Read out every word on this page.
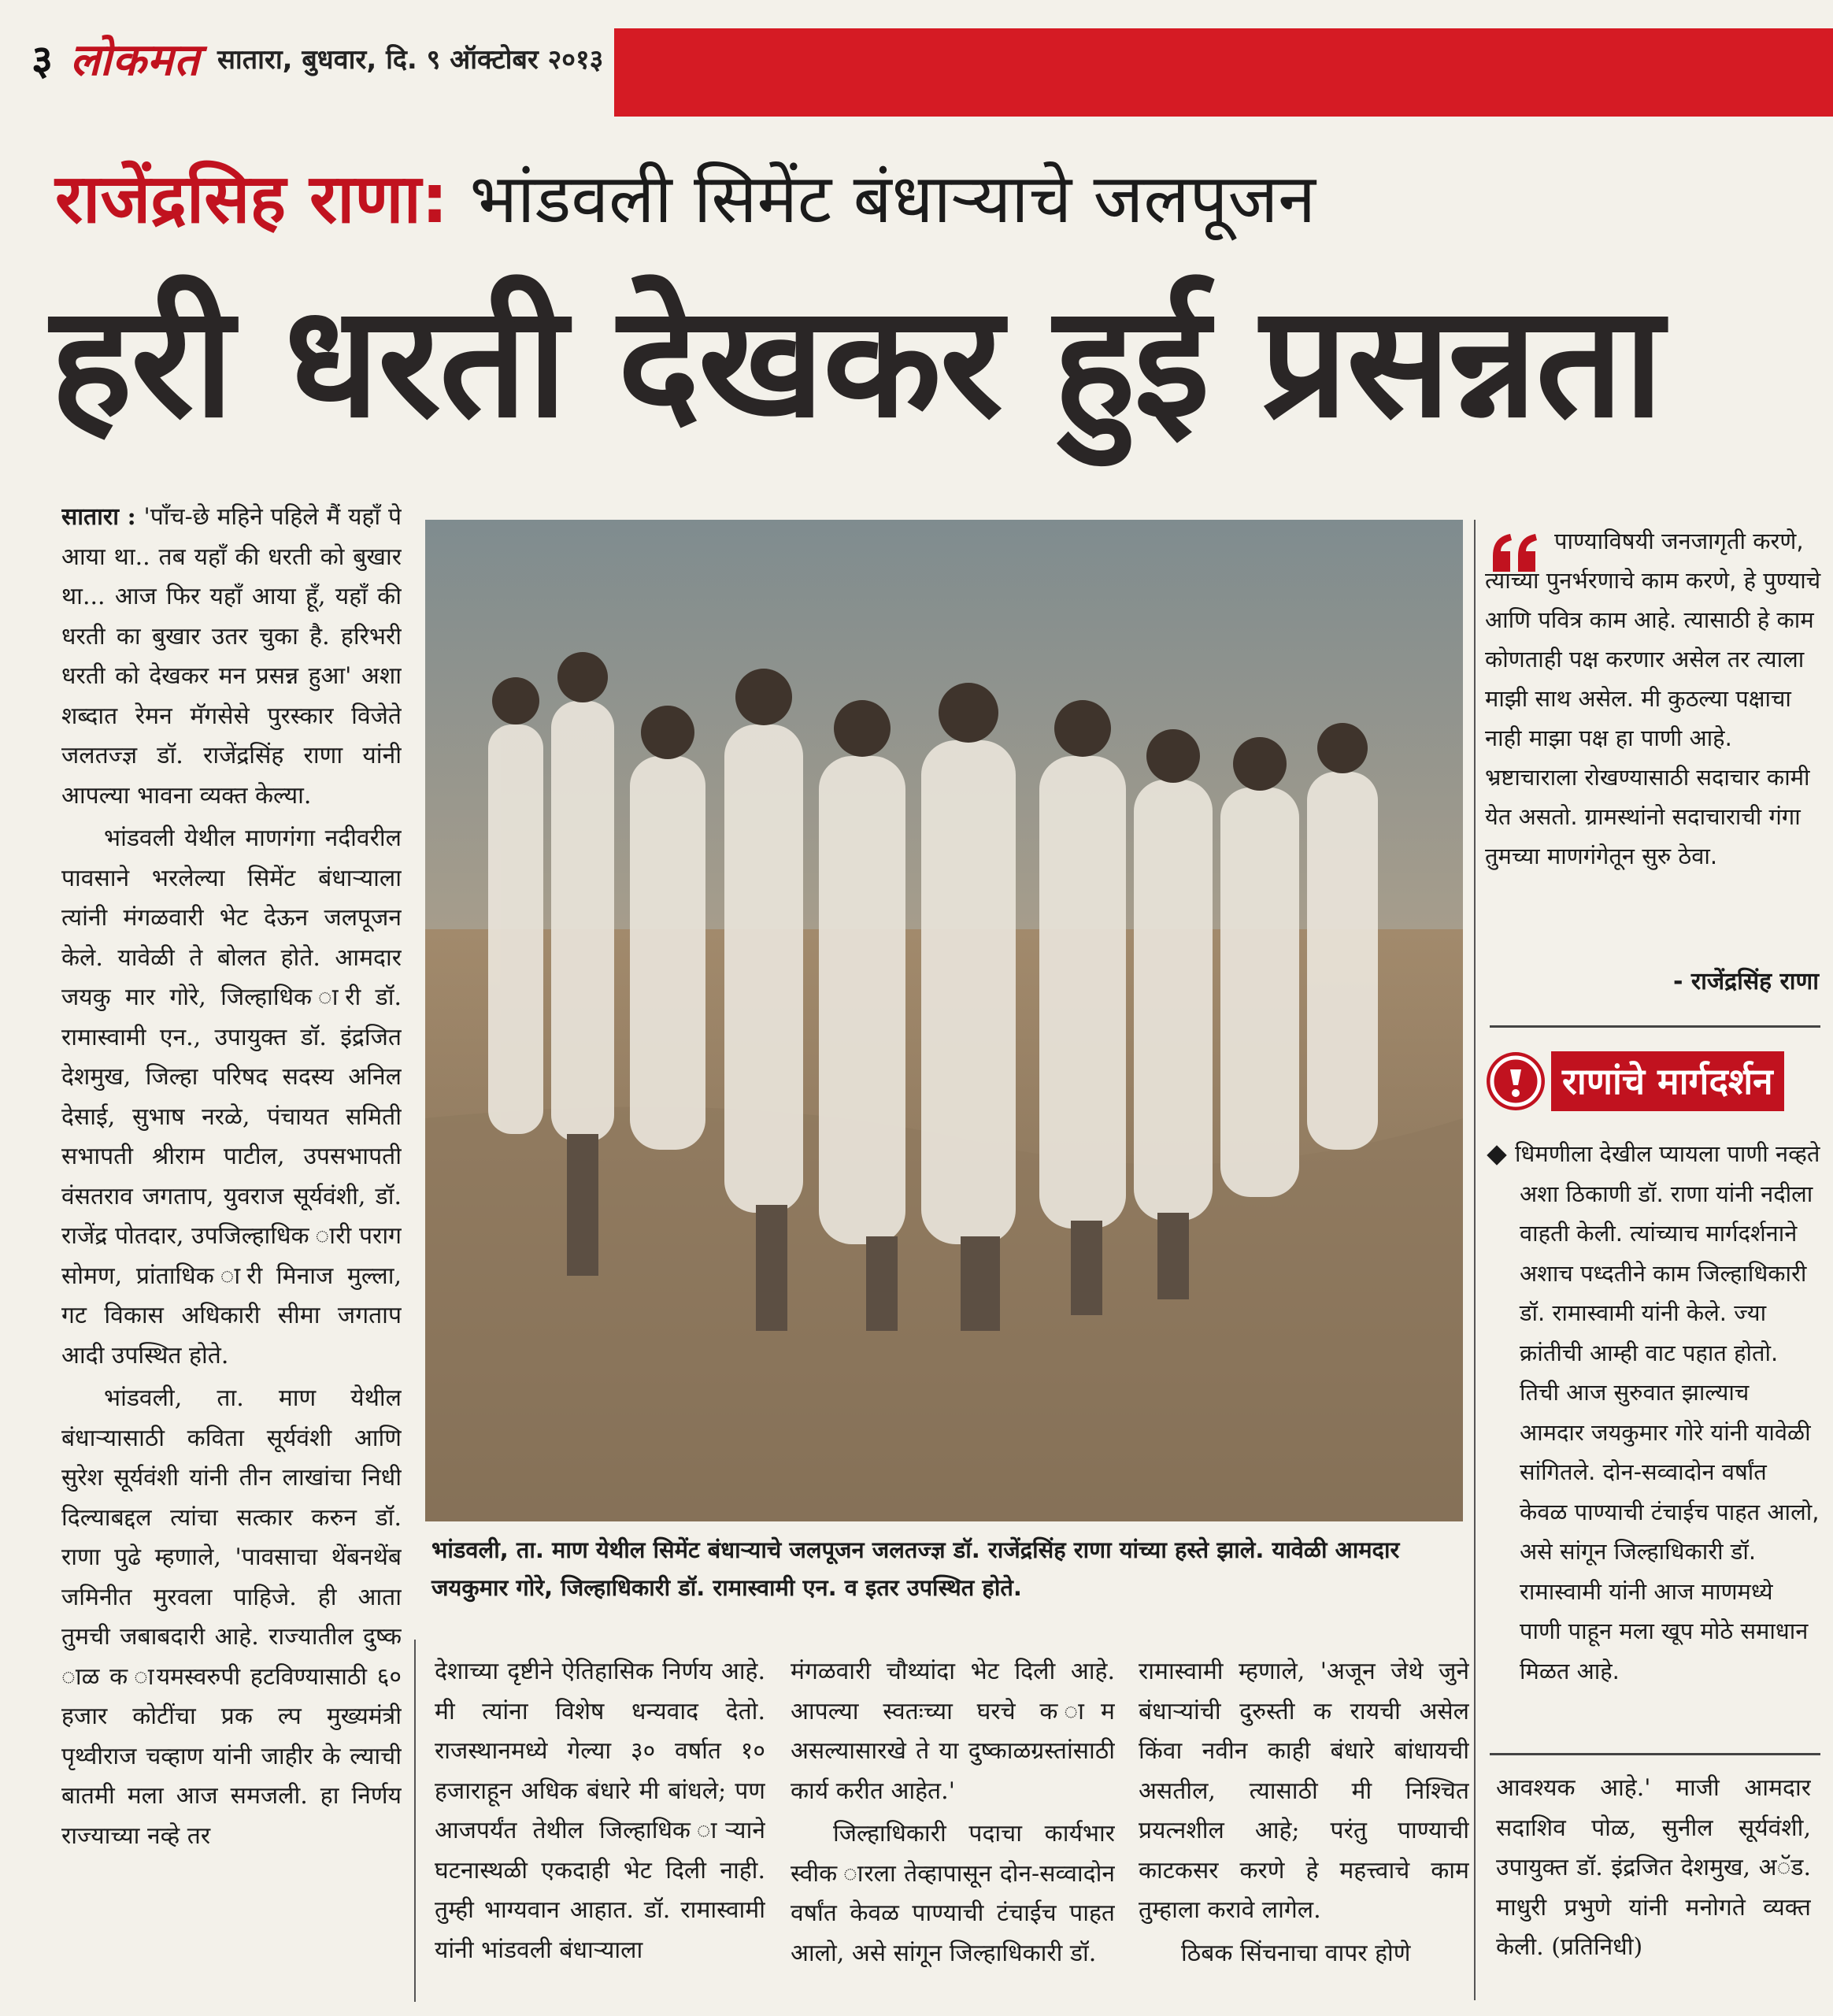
३ लोकमत सातारा, बुधवार, दि. ९ ऑक्टोबर २०१३
राजेंद्रसिह राणा: भांडवली सिमेंट बंधाऱ्याचे जलपूजन
हरी धरती देखकर हुई प्रसन्नता

सातारा : 'पाँच-छे महिने पहिले मैं यहाँ पे आया था.. तब यहाँ की धरती को बुखार था... आज फिर यहाँ आया हूँ, यहाँ की धरती का बुखार उतर चुका है. हरिभरी धरती को देखकर मन प्रसन्न हुआ' अशा शब्दात रेमन मॅगसेसे पुरस्कार विजेते जलतज्ज्ञ डॉ. राजेंद्रसिंह राणा यांनी आपल्या भावना व्यक्त केल्या.

भांडवली येथील माणगंगा नदीवरील पावसाने भरलेल्या सिमेंट बंधाऱ्याला त्यांनी मंगळवारी भेट देऊन जलपूजन केले. यावेळी ते बोलत होते. आमदार जयकु मार गोरे, जिल्हाधिक ारी डॉ. रामास्वामी एन., उपायुक्त डॉ. इंद्रजित देशमुख, जिल्हा परिषद सदस्य अनिल देसाई, सुभाष नरळे, पंचायत समिती सभापती श्रीराम पाटील, उपसभापती वंसतराव जगताप, युवराज सूर्यवंशी, डॉ. राजेंद्र पोतदार, उपजिल्हाधिक ारी पराग सोमण, प्रांताधिक ारी मिनाज मुल्ला, गट विकास अधिकारी सीमा जगताप आदी उपस्थित होते.

भांडवली, ता. माण येथील बंधाऱ्यासाठी कविता सूर्यवंशी आणि सुरेश सूर्यवंशी यांनी तीन लाखांचा निधी दिल्याबद्दल त्यांचा सत्कार करुन डॉ. राणा पुढे म्हणाले, 'पावसाचा थेंबनथेंब जमिनीत मुरवला पाहिजे. ही आता तुमची जबाबदारी आहे. राज्यातील दुष्क ाळ क ायमस्वरुपी हटविण्यासाठी ६० हजार कोटींचा प्रक ल्प मुख्यमंत्री पृथ्वीराज चव्हाण यांनी जाहीर के ल्याची बातमी मला आज समजली. हा निर्णय राज्याच्या नव्हे तर

भांडवली, ता. माण येथील सिमेंट बंधाऱ्याचे जलपूजन जलतज्ज्ञ डॉ. राजेंद्रसिंह राणा यांच्या हस्ते झाले. यावेळी आमदार जयकुमार गोरे, जिल्हाधिकारी डॉ. रामास्वामी एन. व इतर उपस्थित होते.
देशाच्या दृष्टीने ऐतिहासिक निर्णय आहे. मी त्यांना विशेष धन्यवाद देतो. राजस्थानमध्ये गेल्या ३० वर्षात १० हजाराहून अधिक बंधारे मी बांधले; पण आजपर्यंत तेथील जिल्हाधिक ाऱ्याने घटनास्थळी एकदाही भेट दिली नाही. तुम्ही भाग्यवान आहात. डॉ. रामास्वामी यांनी भांडवली बंधाऱ्याला

मंगळवारी चौथ्यांदा भेट दिली आहे. आपल्या स्वतःच्या घरचे क ाम असल्यासारखे ते या दुष्काळग्रस्तांसाठी कार्य करीत आहेत.'

जिल्हाधिकारी पदाचा कार्यभार स्वीक ारला तेव्हापासून दोन-सव्वादोन वर्षांत केवळ पाण्याची टंचाईच पाहत आलो, असे सांगून जिल्हाधिकारी डॉ.

रामास्वामी म्हणाले, 'अजून जेथे जुने बंधाऱ्यांची दुरुस्ती क रायची असेल किंवा नवीन काही बंधारे बांधायची असतील, त्यासाठी मी निश्चित प्रयत्नशील आहे; परंतु पाण्याची काटकसर करणे हे महत्त्वाचे काम तुम्हाला करावे लागेल.

ठिबक सिंचनाचा वापर होणे

आवश्यक आहे.' माजी आमदार सदाशिव पोळ, सुनील सूर्यवंशी, उपायुक्त डॉ. इंद्रजित देशमुख, अॅड. माधुरी प्रभुणे यांनी मनोगते व्यक्त केली. (प्रतिनिधी)

पाण्याविषयी जनजागृती करणे, त्याच्या पुनर्भरणाचे काम करणे, हे पुण्याचे आणि पवित्र काम आहे. त्यासाठी हे काम कोणताही पक्ष करणार असेल तर त्याला माझी साथ असेल. मी कुठल्या पक्षाचा नाही माझा पक्ष हा पाणी आहे. भ्रष्टाचाराला रोखण्यासाठी सदाचार कामी येत असतो. ग्रामस्थांनो सदाचाराची गंगा तुमच्या माणगंगेतून सुरु ठेवा.

- राजेंद्रसिंह राणा
राणांचे मार्गदर्शन

धिमणीला देखील प्यायला पाणी नव्हते अशा ठिकाणी डॉ. राणा यांनी नदीला वाहती केली. त्यांच्याच मार्गदर्शनाने अशाच पध्दतीने काम जिल्हाधिकारी डॉ. रामास्वामी यांनी केले. ज्या क्रांतीची आम्ही वाट पहात होतो. तिची आज सुरुवात झाल्याच आमदार जयकुमार गोरे यांनी यावेळी सांगितले. दोन-सव्वादोन वर्षांत केवळ पाण्याची टंचाईच पाहत आलो, असे सांगून जिल्हाधिकारी डॉ. रामास्वामी यांनी आज माणमध्ये पाणी पाहून मला खूप मोठे समाधान मिळत आहे.
